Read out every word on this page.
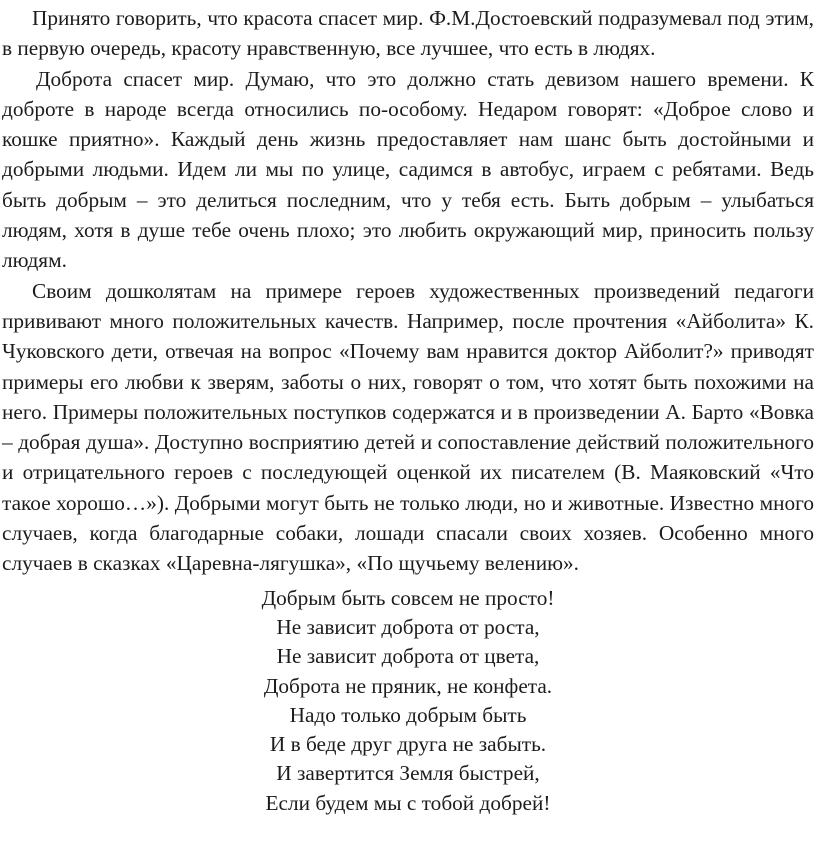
Принято говорить, что красота спасет мир. Ф.М.Достоевский подразумевал под этим, в первую очередь, красоту нравственную, все лучшее, что есть в людях.

Доброта спасет мир. Думаю, что это должно стать девизом нашего времени. К доброте в народе всегда относились по-особому. Недаром говорят: «Доброе слово и кошке приятно». Каждый день жизнь предоставляет нам шанс быть достойными и добрыми людьми. Идем ли мы по улице, садимся в автобус, играем с ребятами. Ведь быть добрым – это делиться последним, что у тебя есть. Быть добрым – улыбаться людям, хотя в душе тебе очень плохо; это любить окружающий мир, приносить пользу людям.

Своим дошколятам на примере героев художественных произведений педагоги прививают много положительных качеств. Например, после прочтения «Айболита» К. Чуковского дети, отвечая на вопрос «Почему вам нравится доктор Айболит?» приводят примеры его любви к зверям, заботы о них, говорят о том, что хотят быть похожими на него. Примеры положительных поступков содержатся и в произведении А. Барто «Вовка – добрая душа». Доступно восприятию детей и сопоставление действий положительного и отрицательного героев с последующей оценкой их писателем (В. Маяковский «Что такое хорошо…»). Добрыми могут быть не только люди, но и животные. Известно много случаев, когда благодарные собаки, лошади спасали своих хозяев. Особенно много случаев в сказках «Царевна-лягушка», «По щучьему велению».

Добрым быть совсем не просто!
Не зависит доброта от роста,
Не зависит доброта от цвета,
Доброта не пряник, не конфета.
Надо только добрым быть
И в беде друг друга не забыть.
И завертится Земля быстрей,
Если будем мы с тобой добрей!
